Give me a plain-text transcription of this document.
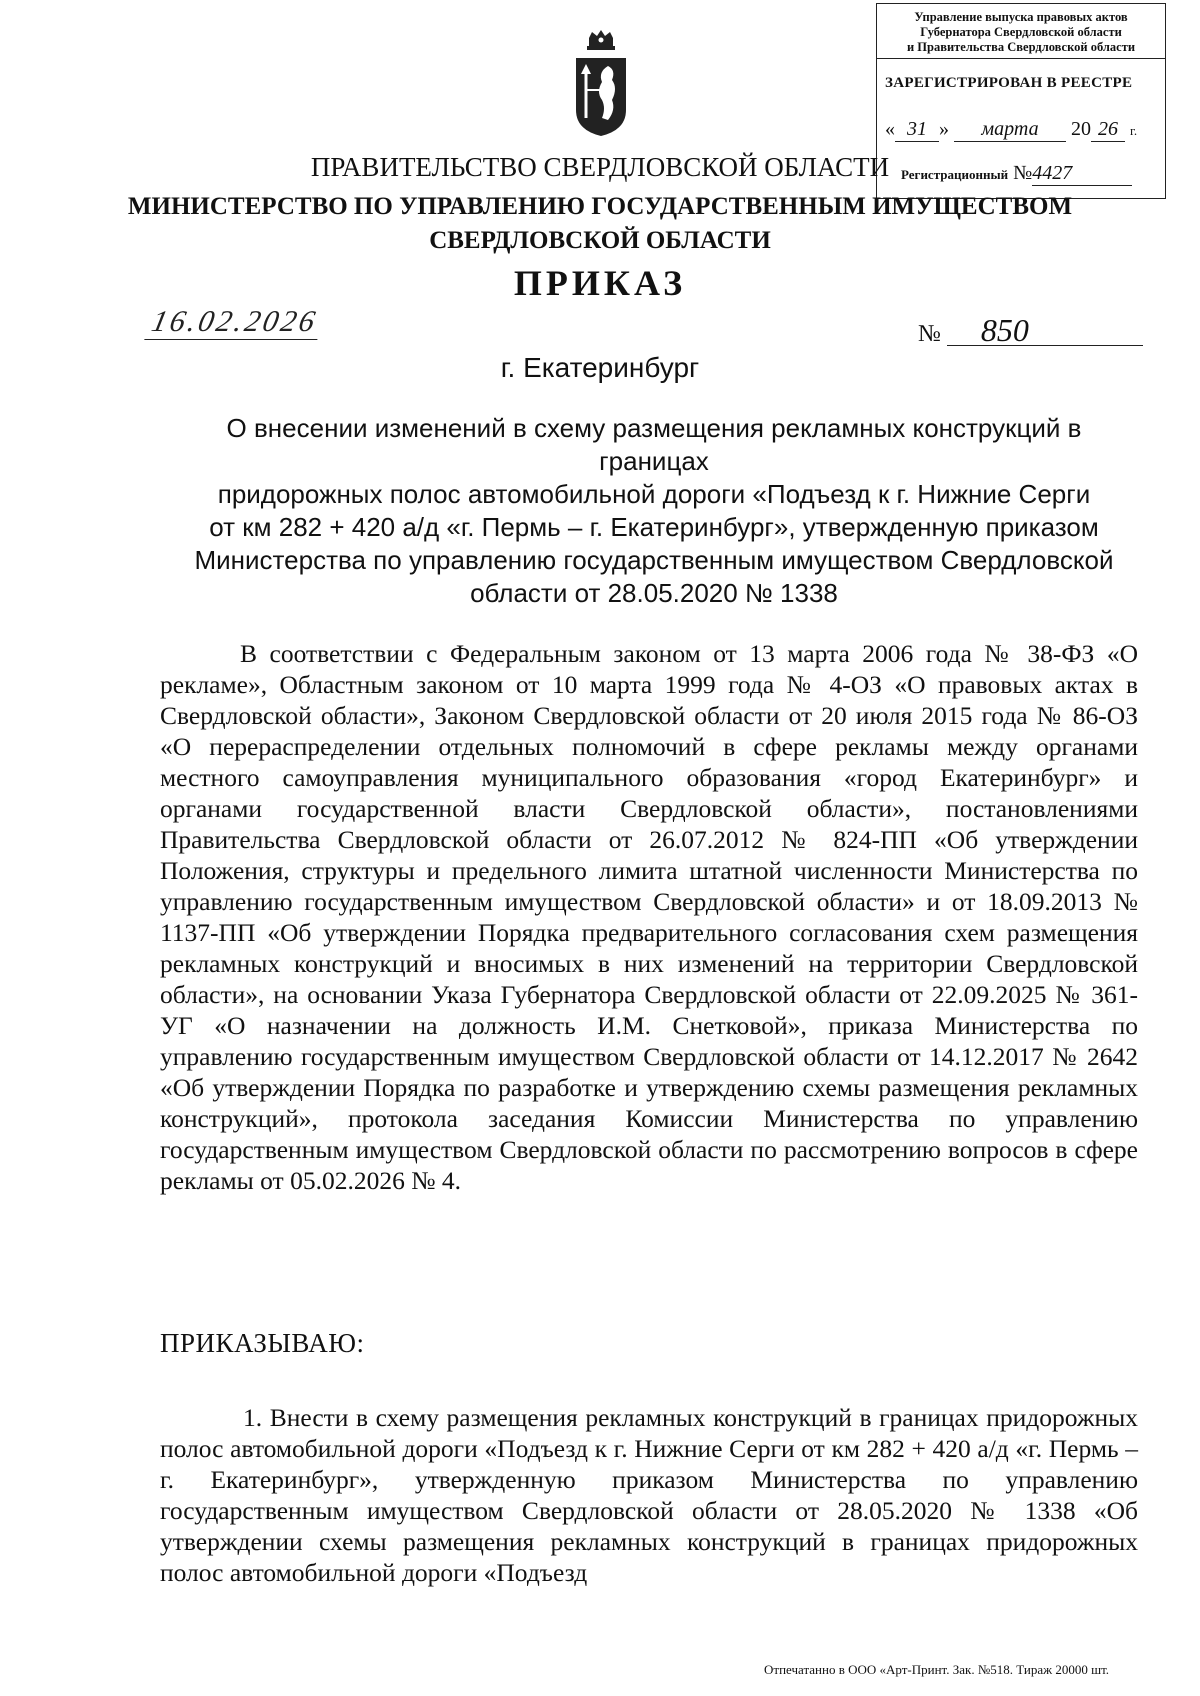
Управление выпуска правовых актов
Губернатора Свердловской области
и Правительства Свердловской области
ЗАРЕГИСТРИРОВАН В РЕЕСТРЕ
« 31 » марта 20 26 г.
Регистрационный №4427
ПРАВИТЕЛЬСТВО СВЕРДЛОВСКОЙ ОБЛАСТИ
МИНИСТЕРСТВО ПО УПРАВЛЕНИЮ ГОСУДАРСТВЕННЫМ ИМУЩЕСТВОМ
СВЕРДЛОВСКОЙ ОБЛАСТИ
ПРИКАЗ
16.02.2026	№ 850
г. Екатеринбург
О внесении изменений в схему размещения рекламных конструкций в границах
придорожных полос автомобильной дороги «Подъезд к г. Нижние Серги
от км 282 + 420 а/д «г. Пермь – г. Екатеринбург», утвержденную приказом
Министерства по управлению государственным имуществом Свердловской
области от 28.05.2020 № 1338
В соответствии с Федеральным законом от 13 марта 2006 года № 38-ФЗ «О рекламе», Областным законом от 10 марта 1999 года № 4-ОЗ «О правовых актах в Свердловской области», Законом Свердловской области от 20 июля 2015 года № 86-ОЗ «О перераспределении отдельных полномочий в сфере рекламы между органами местного самоуправления муниципального образования «город Екатеринбург» и органами государственной власти Свердловской области», постановлениями Правительства Свердловской области от 26.07.2012 № 824-ПП «Об утверждении Положения, структуры и предельного лимита штатной численности Министерства по управлению государственным имуществом Свердловской области» и от 18.09.2013 № 1137-ПП «Об утверждении Порядка предварительного согласования схем размещения рекламных конструкций и вносимых в них изменений на территории Свердловской области», на основании Указа Губернатора Свердловской области от 22.09.2025 № 361-УГ «О назначении на должность И.М. Снетковой», приказа Министерства по управлению государственным имуществом Свердловской области от 14.12.2017 № 2642 «Об утверждении Порядка по разработке и утверждению схемы размещения рекламных конструкций», протокола заседания Комиссии Министерства по управлению государственным имуществом Свердловской области по рассмотрению вопросов в сфере рекламы от 05.02.2026 № 4.
ПРИКАЗЫВАЮ:
1. Внести в схему размещения рекламных конструкций в границах придорожных полос автомобильной дороги «Подъезд к г. Нижние Серги от км 282 + 420 а/д «г. Пермь – г. Екатеринбург», утвержденную приказом Министерства по управлению государственным имуществом Свердловской области от 28.05.2020 № 1338 «Об утверждении схемы размещения рекламных конструкций в границах придорожных полос автомобильной дороги «Подъезд
Отпечатанно в ООО «Арт-Принт. Зак. №518. Тираж 20000 шт.
